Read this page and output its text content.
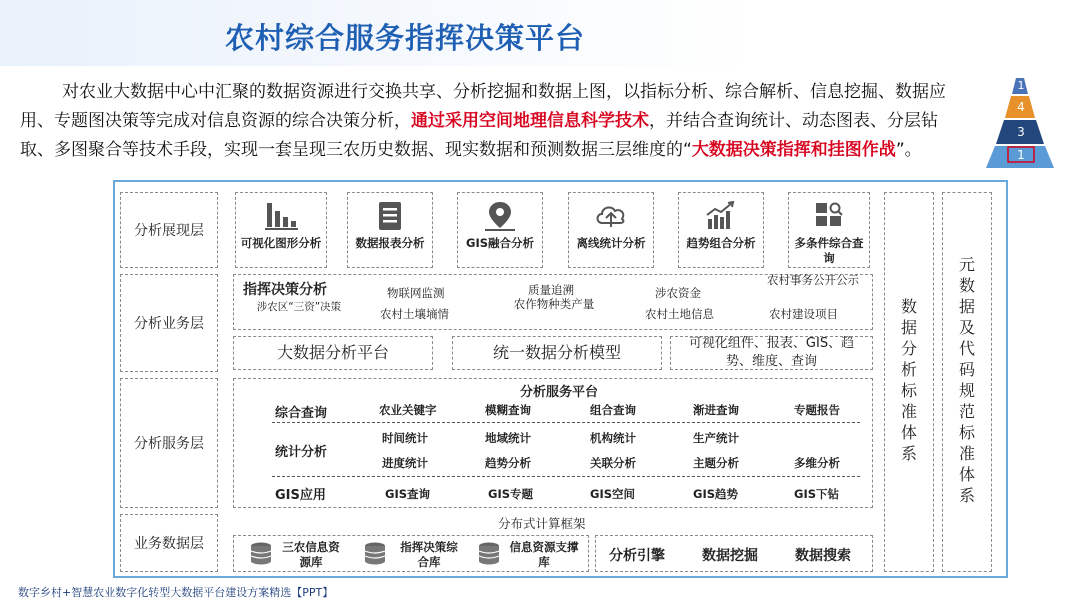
农村综合服务指挥决策平台
对农业大数据中心中汇聚的数据资源进行交换共享、分析挖掘和数据上图，以指标分析、综合解析、信息挖掘、数据应用、专题图决策等完成对信息资源的综合决策分析，通过采用空间地理信息科学技术，并结合查询统计、动态图表、分层钻取、多图聚合等技术手段，实现一套呈现三农历史数据、现实数据和预测数据三层维度的“大数据决策指挥和挂图作战”。
1
4
3
1
分析展现层
分析业务层
分析服务层
业务数据层
可视化图形分析	数据报表分析	GIS融合分析	离线统计分析	趋势组合分析	多条件综合查询
指挥决策分析
涉农区“三资”决策
物联网监测
农村土壤墒情
质量追溯
农作物种类产量
涉农资金
农村土地信息
农村事务公开公示
农村建设项目
大数据分析平台	统一数据分析模型	可视化组件、报表、GIS、趋势、维度、查询
分析服务平台
综合查询	农业关键字	模糊查询	组合查询	渐进查询	专题报告
统计分析
时间统计	地域统计	机构统计	生产统计
进度统计	趋势分析	关联分析	主题分析	多维分析
GIS应用	GIS查询	GIS专题	GIS空间	GIS趋势	GIS下钻
分布式计算框架
三农信息资源库
指挥决策综合库
信息资源支撑库	分析引擎	数据挖掘	数据搜索
数
据
分
析
标
准
体
系
元
数
据
及
代
码
规
范
标
准
体
系
数字乡村+智慧农业数字化转型大数据平台建设方案精选【PPT】
